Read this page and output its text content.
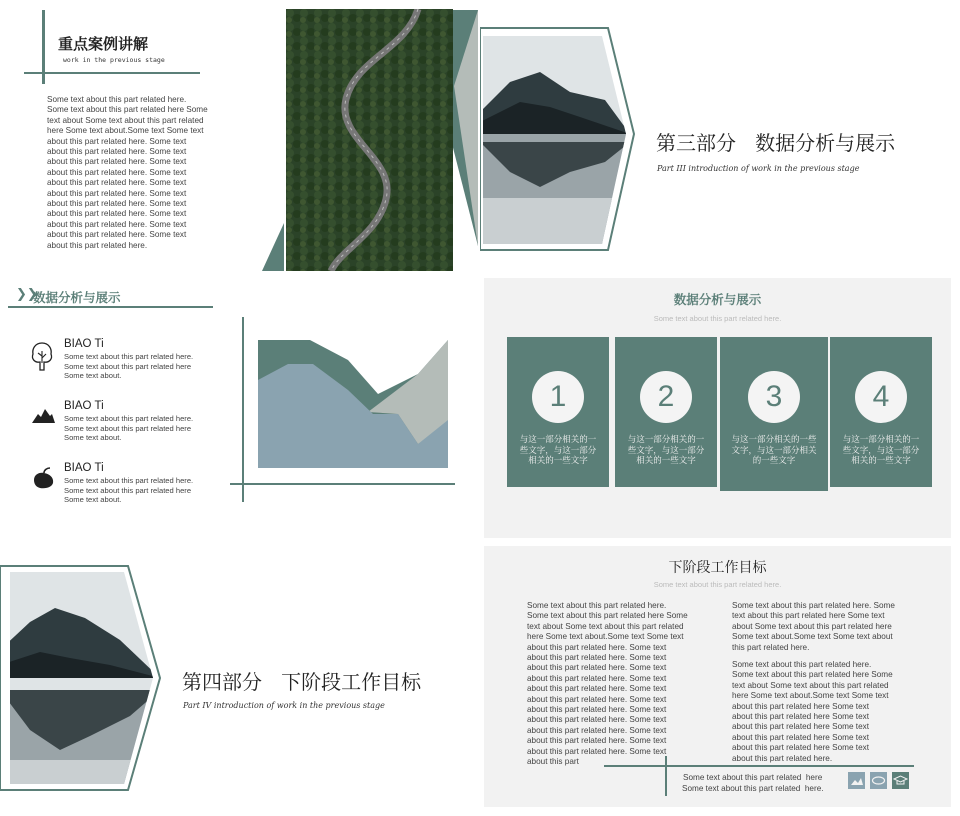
重点案例讲解
work in the previous stage
Some text about this part related here.
Some text about this part related here Some
text about Some text about this part related
here Some text about.Some text Some text
about this part related here. Some text
about this part related here. Some text
about this part related here. Some text
about this part related here. Some text
about this part related here. Some text
about this part related here. Some text
about this part related here. Some text
about this part related here. Some text
about this part related here. Some text
about this part related here. Some text
about this part related here.
第三部分   数据分析与展示
Part III introduction of work in the previous stage
❯❯
数据分析与展示
BIAO Ti
Some text about this part related here.
Some text about this part related here
Some text about.
BIAO Ti
Some text about this part related here.
Some text about this part related here
Some text about.
BIAO Ti
Some text about this part related here.
Some text about this part related here
Some text about.
数据分析与展示
Some text about this part related here.
1
与这一部分相关的一些文字，与这一部分相关的一些文字
2
与这一部分相关的一些文字，与这一部分相关的一些文字
3
与这一部分相关的一些文字，与这一部分相关的一些文字
4
与这一部分相关的一些文字，与这一部分相关的一些文字
第四部分   下阶段工作目标
Part IV introduction of work in the previous stage
下阶段工作目标
Some text about this part related here.
Some text about this part related here.
Some text about this part related here Some
text about Some text about this part related
here Some text about.Some text Some text
about this part related here. Some text
about this part related here. Some text
about this part related here. Some text
about this part related here. Some text
about this part related here. Some text
about this part related here. Some text
about this part related here. Some text
about this part related here. Some text
about this part related here. Some text
about this part related here. Some text
about this part related here. Some text
about this part
Some text about this part related here. Some
text about this part related here Some text
about Some text about this part related here
Some text about.Some text Some text about
this part related here.
Some text about this part related here.
Some text about this part related here Some
text about Some text about this part related
here Some text about.Some text Some text
about this part related here Some text
about this part related here Some text
about this part related here Some text
about this part related here Some text
about this part related here Some text
about this part related here.
Some text about this part related  here
Some text about this part related  here.
